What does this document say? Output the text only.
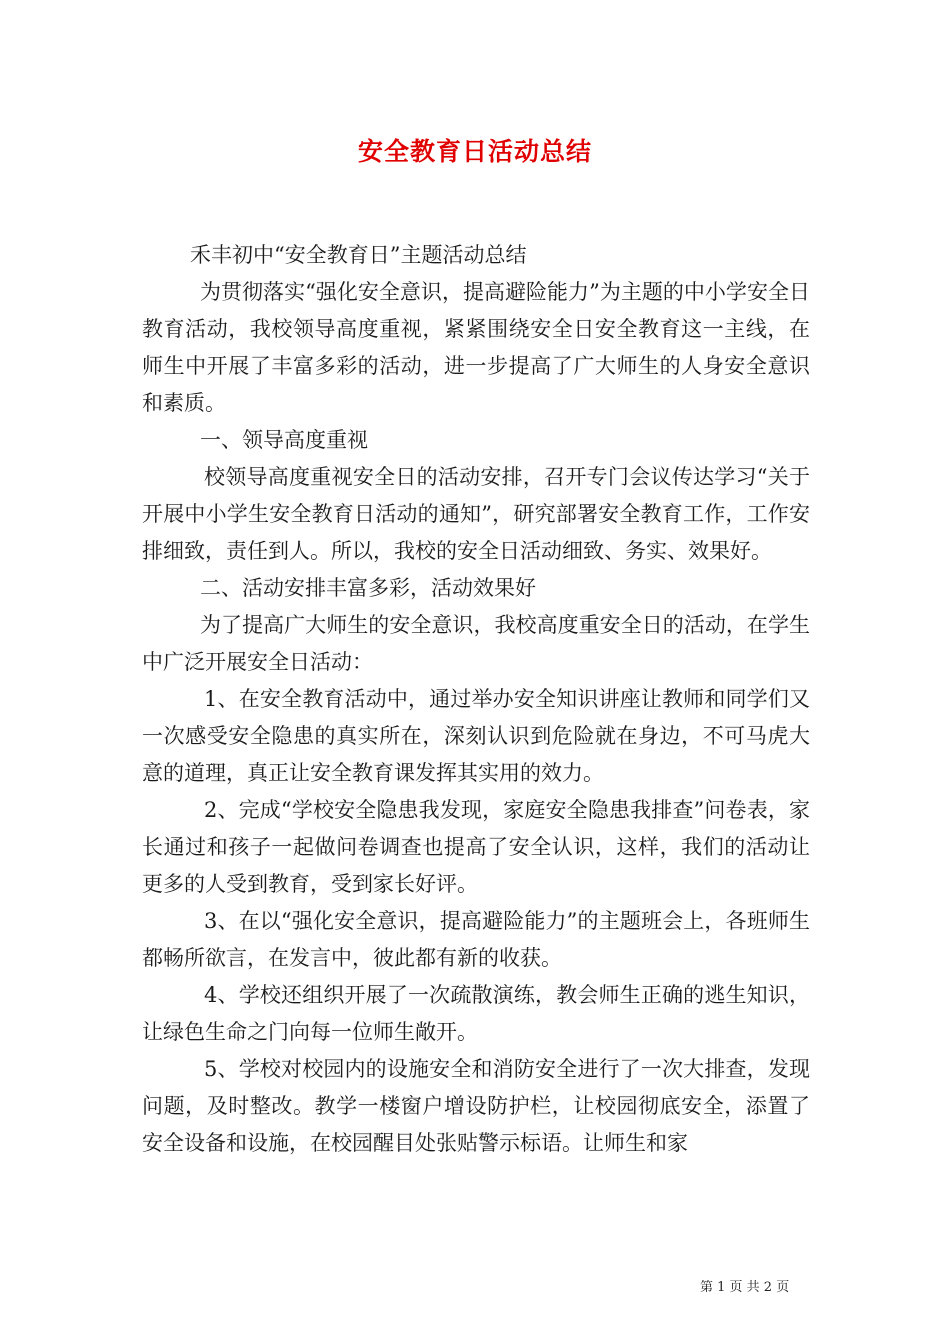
安全教育日活动总结

禾丰初中“安全教育日”主题活动总结

为贯彻落实“强化安全意识，提高避险能力”为主题的中小学安全日教育活动，我校领导高度重视，紧紧围绕安全日安全教育这一主线，在师生中开展了丰富多彩的活动，进一步提高了广大师生的人身安全意识和素质。

一、领导高度重视

校领导高度重视安全日的活动安排，召开专门会议传达学习“关于开展中小学生安全教育日活动的通知”，研究部署安全教育工作，工作安排细致，责任到人。所以，我校的安全日活动细致、务实、效果好。

二、活动安排丰富多彩，活动效果好

为了提高广大师生的安全意识，我校高度重安全日的活动，在学生中广泛开展安全日活动：

1、在安全教育活动中，通过举办安全知识讲座让教师和同学们又一次感受安全隐患的真实所在，深刻认识到危险就在身边，不可马虎大意的道理，真正让安全教育课发挥其实用的效力。

2、完成“学校安全隐患我发现，家庭安全隐患我排查”问卷表，家长通过和孩子一起做问卷调查也提高了安全认识，这样，我们的活动让更多的人受到教育，受到家长好评。

3、在以“强化安全意识，提高避险能力”的主题班会上，各班师生都畅所欲言，在发言中，彼此都有新的收获。

4、学校还组织开展了一次疏散演练，教会师生正确的逃生知识，让绿色生命之门向每一位师生敞开。

5、学校对校园内的设施安全和消防安全进行了一次大排查，发现问题，及时整改。教学一楼窗户增设防护栏，让校园彻底安全，添置了安全设备和设施，在校园醒目处张贴警示标语。让师生和家

第 1 页 共 2 页
